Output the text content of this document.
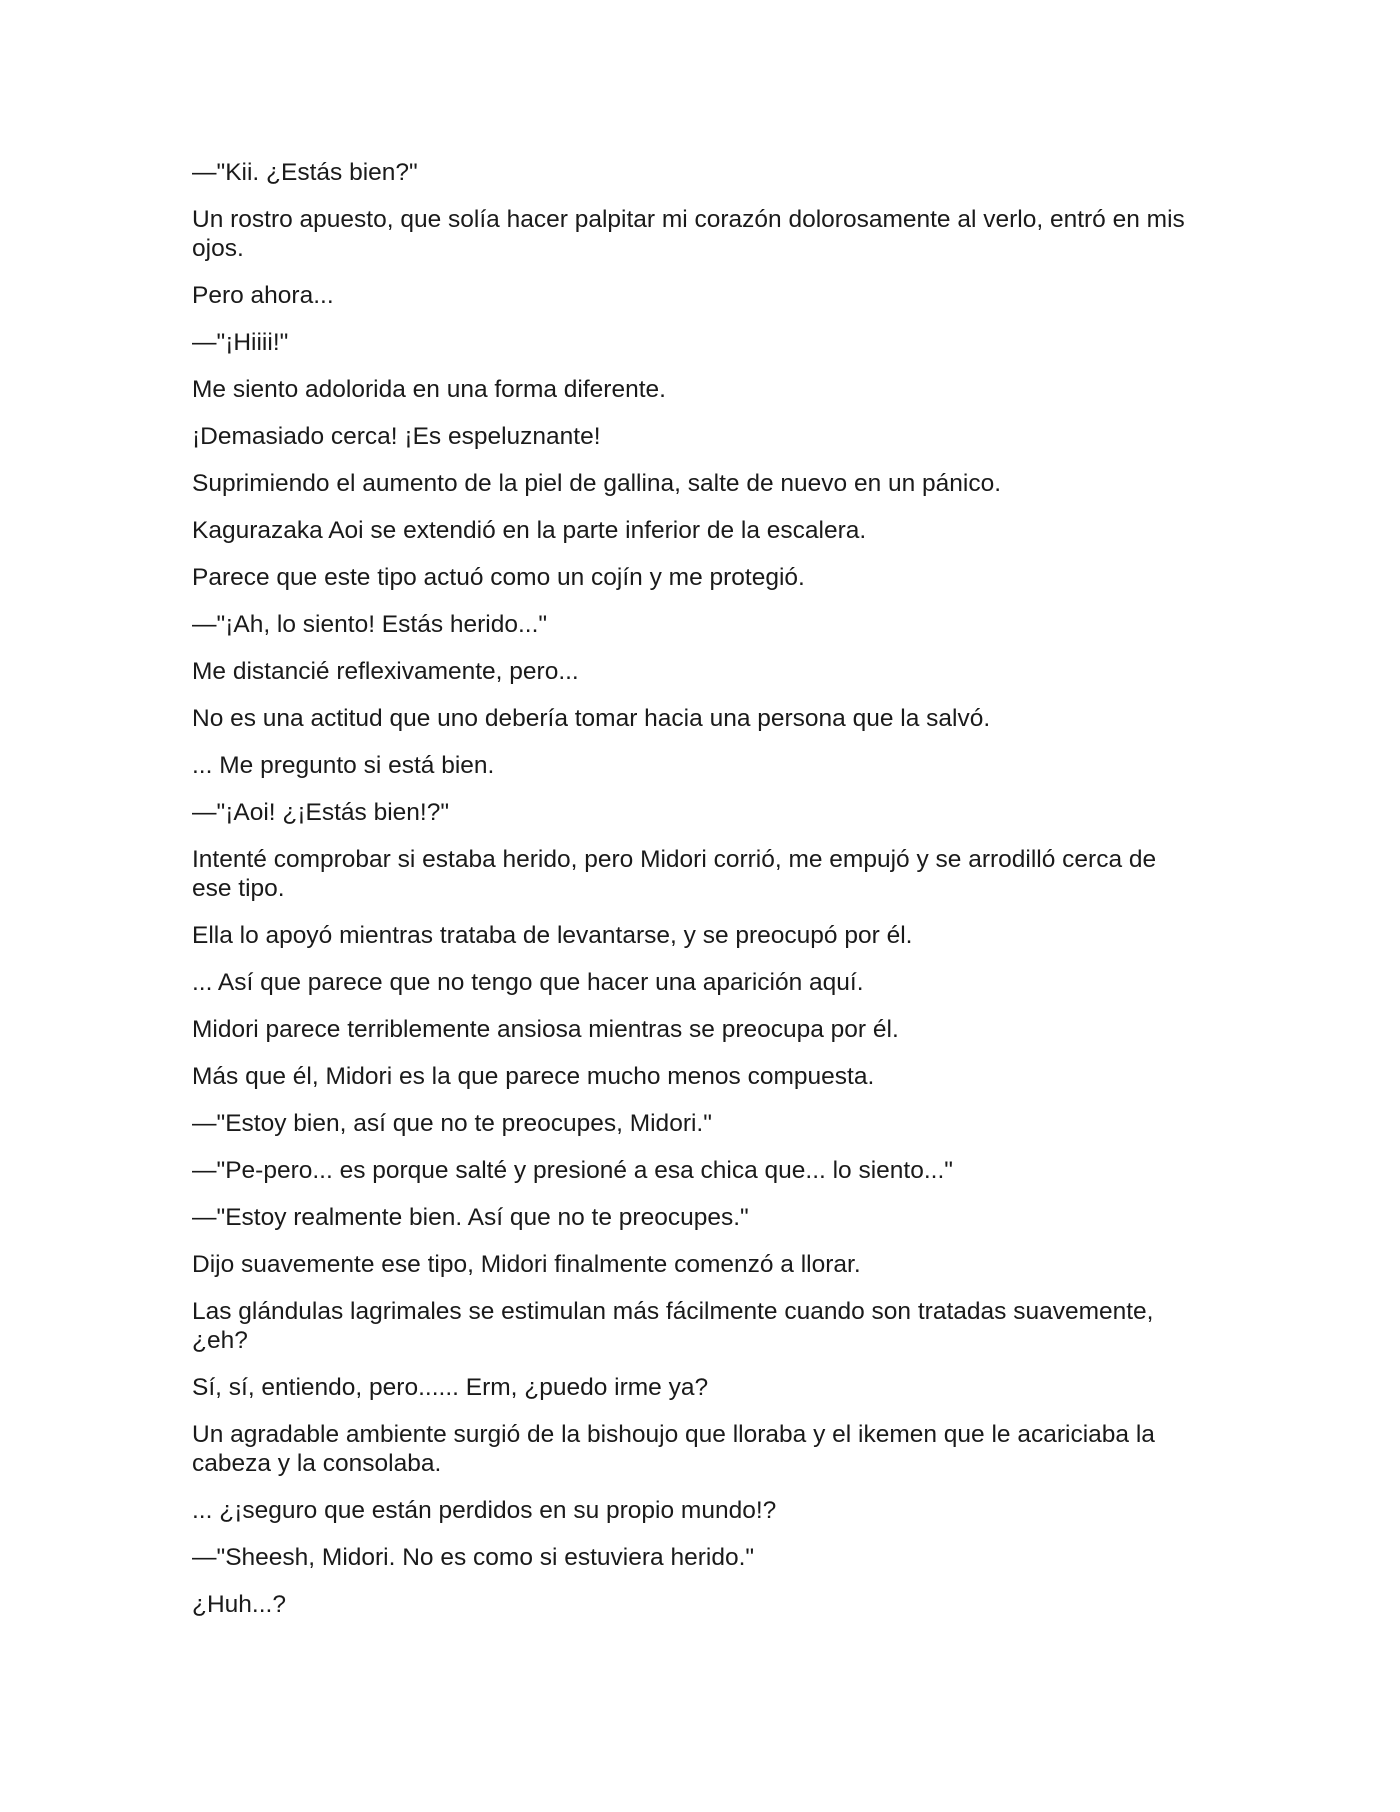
—"Kii. ¿Estás bien?"

Un rostro apuesto, que solía hacer palpitar mi corazón dolorosamente al verlo, entró en mis ojos.

Pero ahora...

—"¡Hiiii!"

Me siento adolorida en una forma diferente.

¡Demasiado cerca! ¡Es espeluznante!

Suprimiendo el aumento de la piel de gallina, salte de nuevo en un pánico.

Kagurazaka Aoi se extendió en la parte inferior de la escalera.

Parece que este tipo actuó como un cojín y me protegió.

—"¡Ah, lo siento! Estás herido..."

Me distancié reflexivamente, pero...

No es una actitud que uno debería tomar hacia una persona que la salvó.

... Me pregunto si está bien.

—"¡Aoi! ¿¡Estás bien!?"

Intenté comprobar si estaba herido, pero Midori corrió, me empujó y se arrodilló cerca de ese tipo.

Ella lo apoyó mientras trataba de levantarse, y se preocupó por él.

... Así que parece que no tengo que hacer una aparición aquí.

Midori parece terriblemente ansiosa mientras se preocupa por él.

Más que él, Midori es la que parece mucho menos compuesta.

—"Estoy bien, así que no te preocupes, Midori."

—"Pe-pero... es porque salté y presioné a esa chica que... lo siento..."

—"Estoy realmente bien. Así que no te preocupes."

Dijo suavemente ese tipo, Midori finalmente comenzó a llorar.

Las glándulas lagrimales se estimulan más fácilmente cuando son tratadas suavemente, ¿eh?

Sí, sí, entiendo, pero...... Erm, ¿puedo irme ya?

Un agradable ambiente surgió de la bishoujo que lloraba y el ikemen que le acariciaba la cabeza y la consolaba.

... ¿¡seguro que están perdidos en su propio mundo!?

—"Sheesh, Midori. No es como si estuviera herido."

¿Huh...?
